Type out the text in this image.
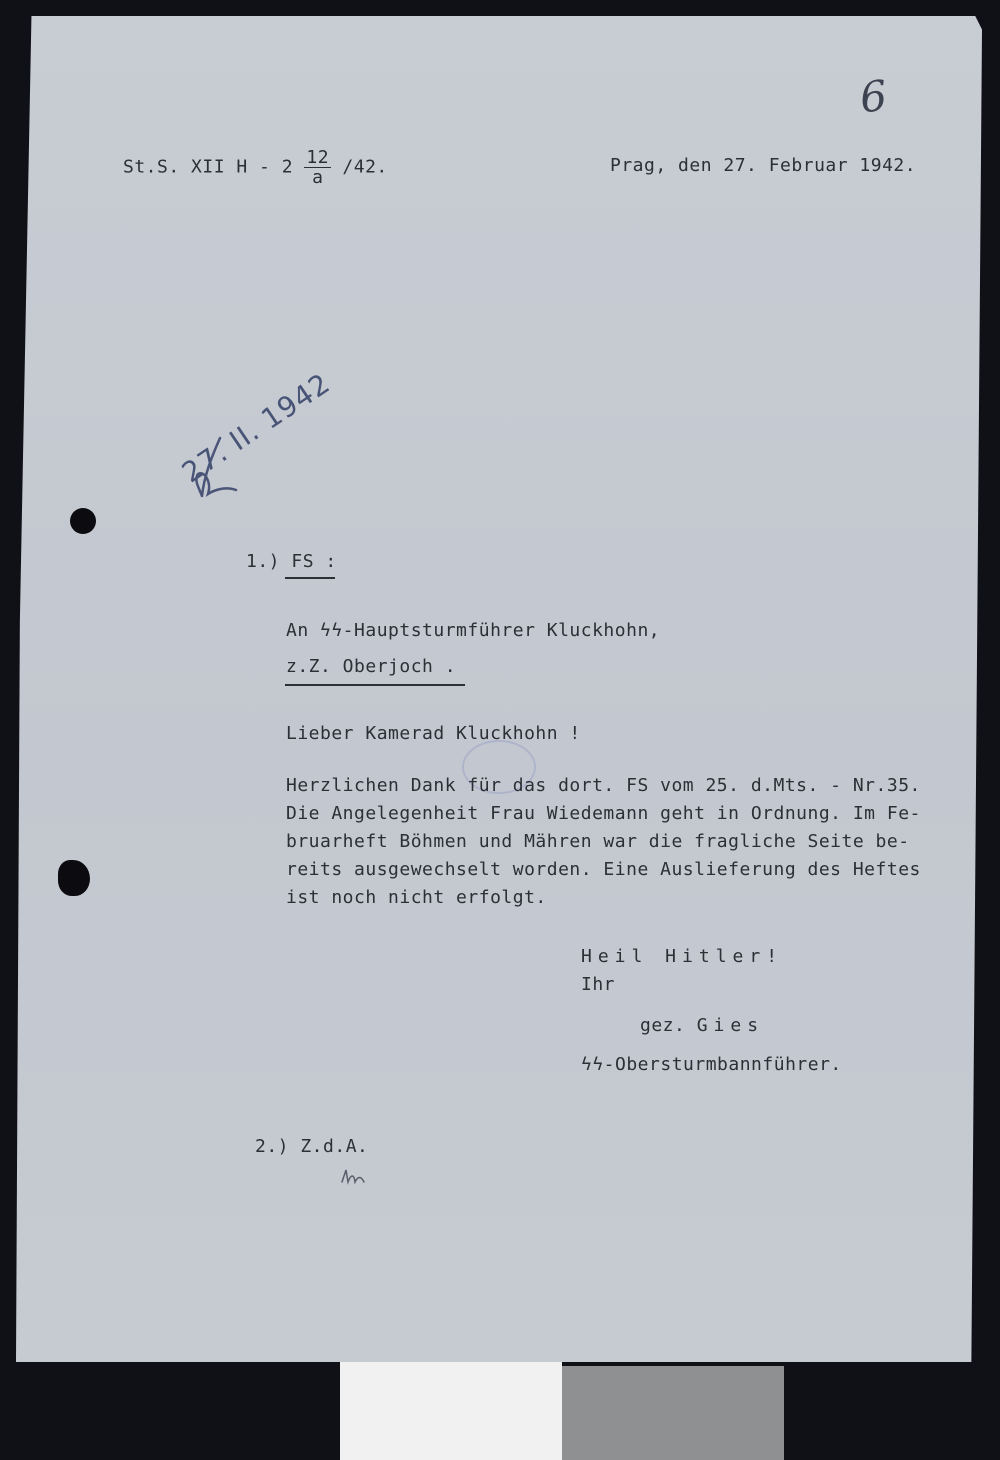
6
St.S. XII H - $2 \frac{12}{a} /42$.	Prag, den 27. Februar 1942.
27. II. 1942
1.) FS :
An ϟϟ-Hauptsturmführer Kluckhohn,
z.Z. Oberjoch .
Lieber Kamerad Kluckhohn !
Herzlichen Dank für das dort. FS vom 25. d.Mts. - Nr.35.
Die Angelegenheit Frau Wiedemann geht in Ordnung. Im Fe-
bruarheft Böhmen und Mähren war die fragliche Seite be-
reits ausgewechselt worden. Eine Auslieferung des Heftes
ist noch nicht erfolgt.
Heil Hitler!
Ihr
gez. Gies
ϟϟ-Obersturmbannführer.
2.) Z.d.A.
